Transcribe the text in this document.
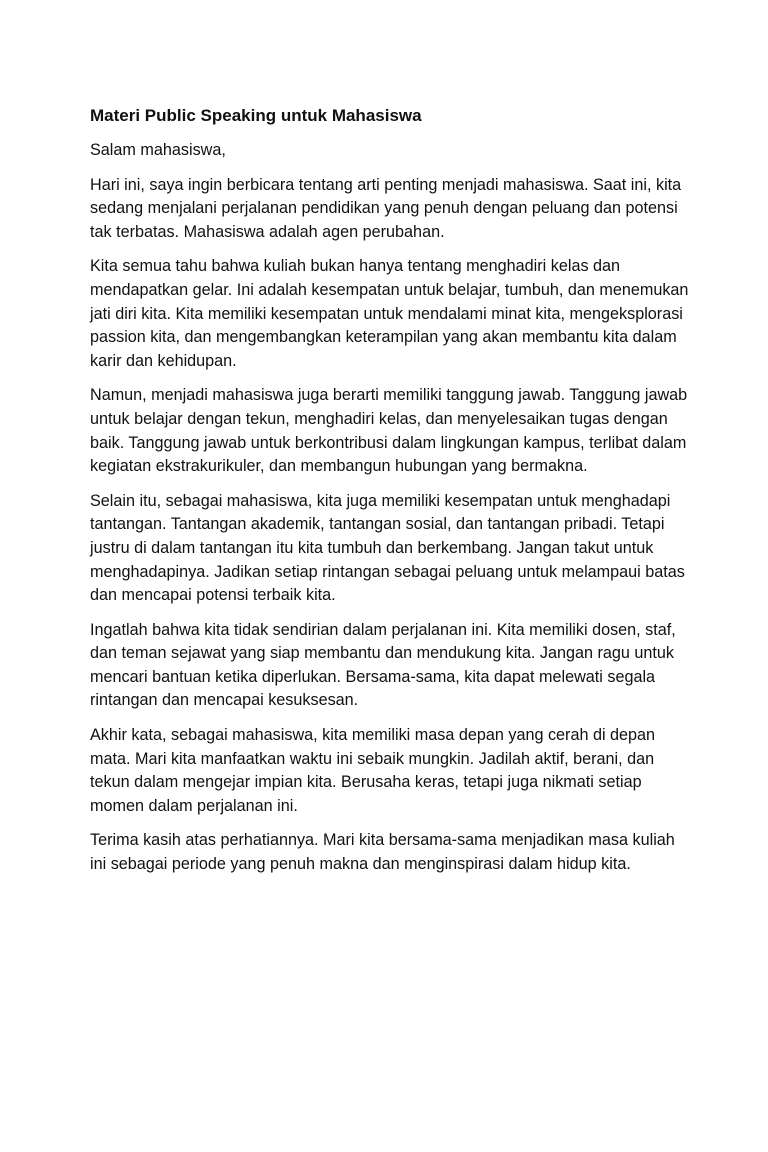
Materi Public Speaking untuk Mahasiswa
Salam mahasiswa,

Hari ini, saya ingin berbicara tentang arti penting menjadi mahasiswa. Saat ini, kita sedang menjalani perjalanan pendidikan yang penuh dengan peluang dan potensi tak terbatas. Mahasiswa adalah agen perubahan.

Kita semua tahu bahwa kuliah bukan hanya tentang menghadiri kelas dan mendapatkan gelar. Ini adalah kesempatan untuk belajar, tumbuh, dan menemukan jati diri kita. Kita memiliki kesempatan untuk mendalami minat kita, mengeksplorasi passion kita, dan mengembangkan keterampilan yang akan membantu kita dalam karir dan kehidupan.

Namun, menjadi mahasiswa juga berarti memiliki tanggung jawab. Tanggung jawab untuk belajar dengan tekun, menghadiri kelas, dan menyelesaikan tugas dengan baik. Tanggung jawab untuk berkontribusi dalam lingkungan kampus, terlibat dalam kegiatan ekstrakurikuler, dan membangun hubungan yang bermakna.

Selain itu, sebagai mahasiswa, kita juga memiliki kesempatan untuk menghadapi tantangan. Tantangan akademik, tantangan sosial, dan tantangan pribadi. Tetapi justru di dalam tantangan itu kita tumbuh dan berkembang. Jangan takut untuk menghadapinya. Jadikan setiap rintangan sebagai peluang untuk melampaui batas dan mencapai potensi terbaik kita.

Ingatlah bahwa kita tidak sendirian dalam perjalanan ini. Kita memiliki dosen, staf, dan teman sejawat yang siap membantu dan mendukung kita. Jangan ragu untuk mencari bantuan ketika diperlukan. Bersama-sama, kita dapat melewati segala rintangan dan mencapai kesuksesan.

Akhir kata, sebagai mahasiswa, kita memiliki masa depan yang cerah di depan mata. Mari kita manfaatkan waktu ini sebaik mungkin. Jadilah aktif, berani, dan tekun dalam mengejar impian kita. Berusaha keras, tetapi juga nikmati setiap momen dalam perjalanan ini.

Terima kasih atas perhatiannya. Mari kita bersama-sama menjadikan masa kuliah ini sebagai periode yang penuh makna dan menginspirasi dalam hidup kita.
